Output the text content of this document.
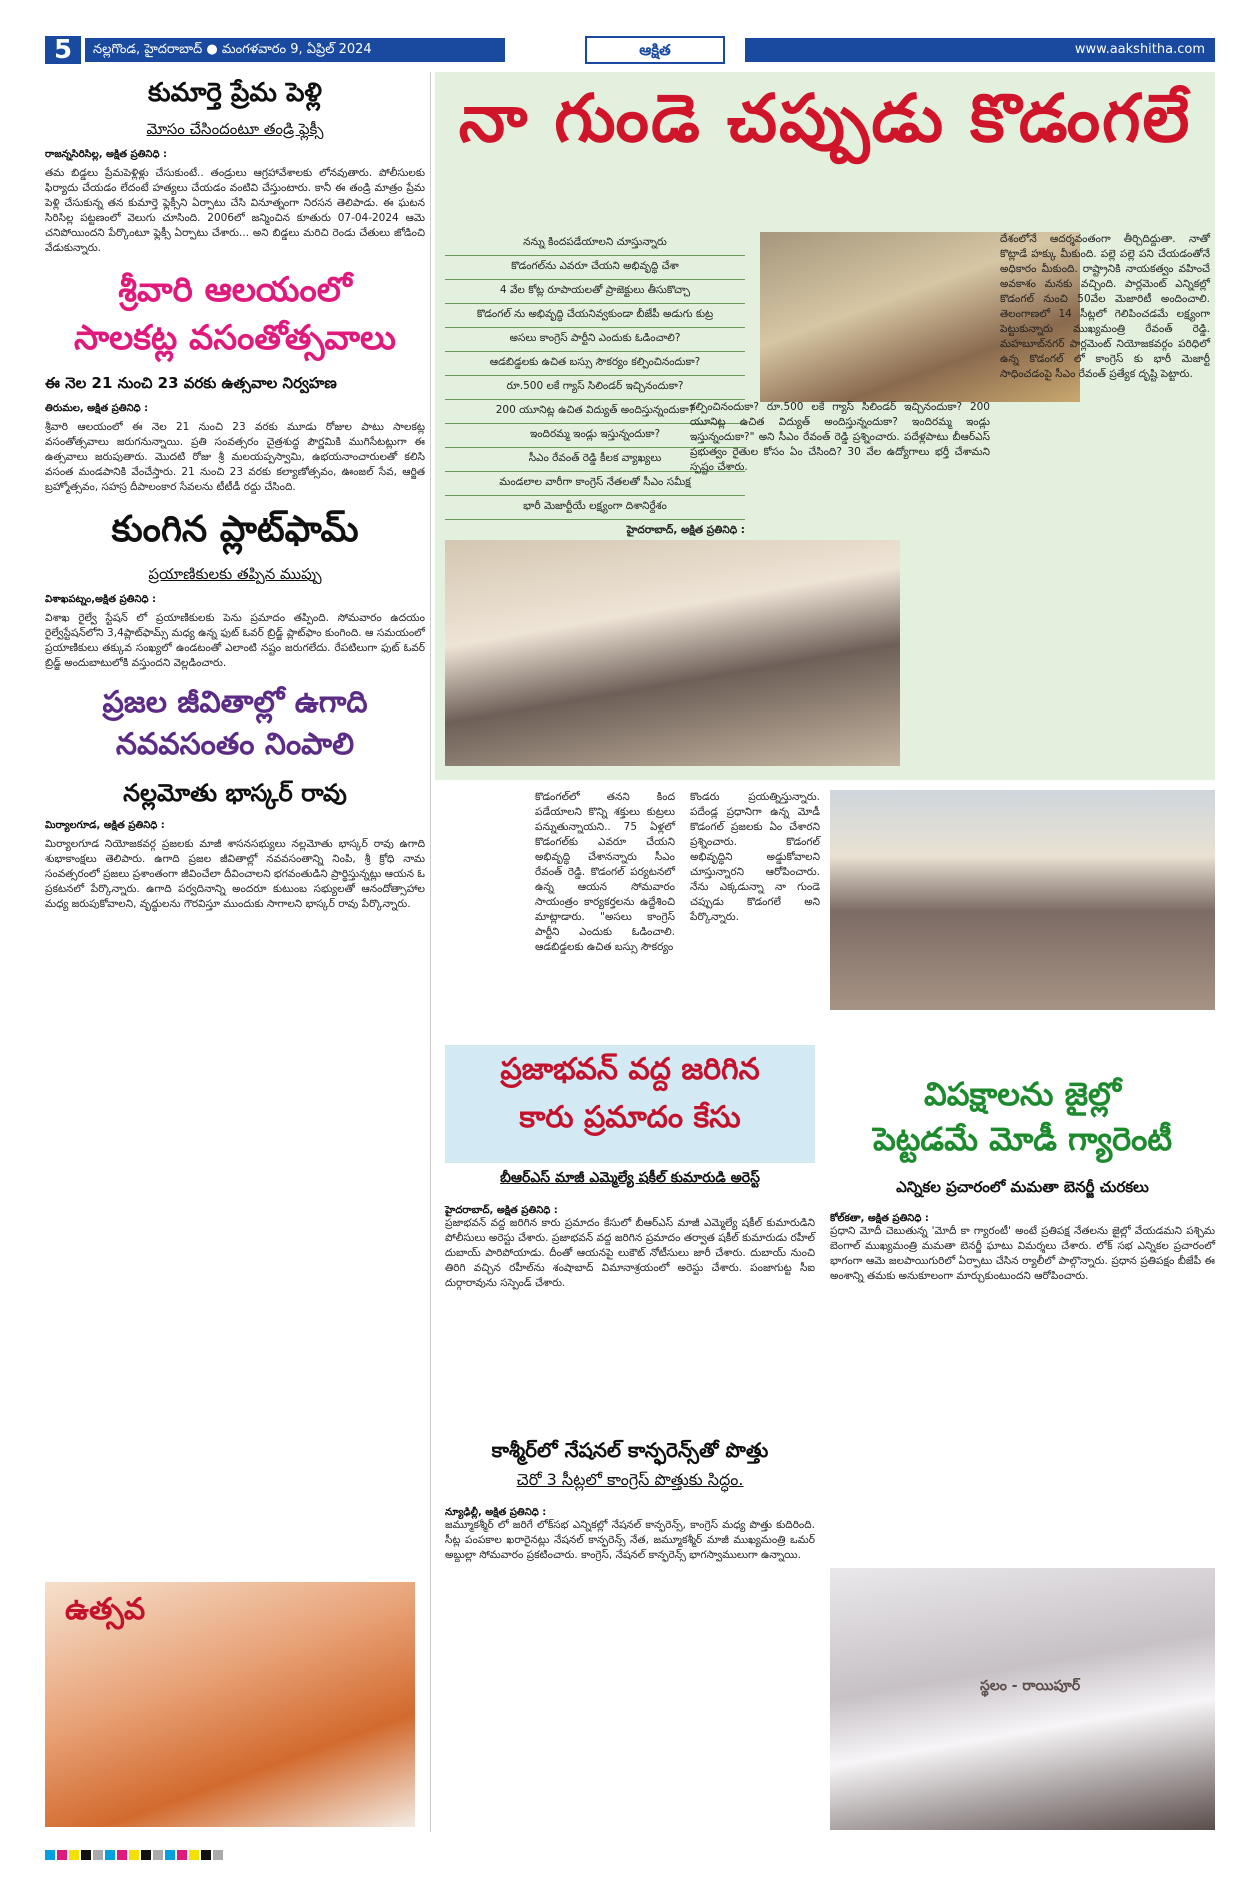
5	నల్లగొండ, హైదరాబాద్ ● మంగళవారం 9, ఏప్రిల్ 2024	ఆక్షిత	www.aakshitha.com
కుమార్తె ప్రేమ పెళ్లి
మోసం చేసిందంటూ తండ్రి ఫ్లెక్సీ
రాజన్నసిరిసిల్ల, అక్షిత ప్రతినిధి :
తమ బిడ్డలు ప్రేమపెళ్లిళ్లు చేసుకుంటే.. తండ్రులు ఆగ్రహావేశాలకు లోనవుతారు. పోలీసులకు ఫిర్యాదు చేయడం లేదంటే హత్యలు చేయడం వంటివి చేస్తుంటారు. కానీ ఈ తండ్రి మాత్రం ప్రేమ పెళ్లి చేసుకున్న తన కుమార్తె ఫ్లెక్సీని ఏర్పాటు చేసి వినూత్నంగా నిరసన తెలిపాడు. ఈ ఘటన సిరిసిల్ల పట్టణంలో వెలుగు చూసింది. 2006లో జన్మించిన కూతురు 07-04-2024 ఆమె చనిపోయిందని పేర్కొంటూ ఫ్లెక్సీ ఏర్పాటు చేశారు... అని బిడ్డలు మరిచి రెండు చేతులు జోడించి వేడుకున్నారు.
శ్రీవారి ఆలయంలో
సాలకట్ల వసంతోత్సవాలు
ఈ నెల 21 నుంచి 23 వరకు ఉత్సవాల నిర్వహణ
తిరుమల, అక్షిత ప్రతినిధి :
శ్రీవారి ఆలయంలో ఈ నెల 21 నుంచి 23 వరకు మూడు రోజుల పాటు సాలకట్ల వసంతోత్సవాలు జరుగనున్నాయి. ప్రతి సంవత్సరం చైత్రశుద్ధ పౌర్ణమికి ముగిసేటట్లుగా ఈ ఉత్సవాలు జరుపుతారు. మొదటి రోజు శ్రీ మలయప్పస్వామి, ఉభయనాంచారులతో కలిసి వసంత మండపానికి వేంచేస్తారు. 21 నుంచి 23 వరకు కల్యాణోత్సవం, ఊంజల్ సేవ, ఆర్జిత బ్రహ్మోత్సవం, సహస్ర దీపాలంకార సేవలను టీటీడీ రద్దు చేసింది.
కుంగిన ప్లాట్‌ఫామ్
ప్రయాణికులకు తప్పిన ముప్పు
విశాఖపట్నం,అక్షిత ప్రతినిధి :
విశాఖ రైల్వే స్టేషన్ లో ప్రయాణికులకు పెను ప్రమాదం తప్పింది. సోమవారం ఉదయం రైల్వేస్టేషన్‌లోని 3,4ప్లాట్‌ఫామ్స్ మధ్య ఉన్న ఫుట్ ఓవర్ బ్రిడ్జ్ ప్లాట్‌ఫాం కుంగింది. ఆ సమయంలో ప్రయాణికులు తక్కువ సంఖ్యలో ఉండటంతో ఎలాంటి నష్టం జరుగలేదు. రేపటిలుగా ఫుట్ ఓవర్ బ్రిడ్జ్ అందుబాటులోకి వస్తుందని వెల్లడించారు.
ప్రజల జీవితాల్లో ఉగాది
నవవసంతం నింపాలి
నల్లమోతు భాస్కర్ రావు
మిర్యాలగూడ, అక్షిత ప్రతినిధి :
మిర్యాలగూడ నియోజకవర్గ ప్రజలకు మాజీ శాసనసభ్యులు నల్లమోతు భాస్కర్ రావు ఉగాది శుభాకాంక్షలు తెలిపారు. ఉగాది ప్రజల జీవితాల్లో నవవసంతాన్ని నింపి, శ్రీ క్రోధి నామ సంవత్సరంలో ప్రజలు ప్రశాంతంగా జీవించేలా దీవించాలని భగవంతుడిని ప్రార్థిస్తున్నట్లు ఆయన ఓ ప్రకటనలో పేర్కొన్నారు. ఉగాది పర్వదినాన్ని అందరూ కుటుంబ సభ్యులతో ఆనందోత్సాహాల మధ్య జరుపుకోవాలని, వృద్ధులను గౌరవిస్తూ ముందుకు సాగాలని భాస్కర్ రావు పేర్కొన్నారు.
నా గుండె చప్పుడు కొడంగలే
నన్ను కిందపడేయాలని చూస్తున్నారు
కొడంగల్‌ను ఎవరూ చేయని అభివృద్ధి చేశా
4 వేల కోట్ల రూపాయలతో ప్రాజెక్టులు తీసుకొచ్చా
కొడంగల్ ను అభివృద్ధి చేయనివ్వకుండా బీజేపీ అడుగు కుట్ర
అసలు కాంగ్రెస్ పార్టీని ఎందుకు ఓడించాలి?
ఆడబిడ్డలకు ఉచిత బస్సు సౌకర్యం కల్పించినందుకా?
రూ.500 లకే గ్యాస్ సిలిండర్ ఇచ్చినందుకా?
200 యూనిట్ల ఉచిత విద్యుత్ అందిస్తున్నందుకా?
ఇందిరమ్మ ఇండ్లు ఇస్తున్నందుకా?
సీఎం రేవంత్ రెడ్డి కీలక వ్యాఖ్యలు
మండలాల వారీగా కాంగ్రెస్ నేతలతో సీఎం సమీక్ష
భారీ మెజార్టీయే లక్ష్యంగా దిశానిర్దేశం
హైదరాబాద్, అక్షిత ప్రతినిధి :
కల్పించినందుకా? రూ.500 లకే గ్యాస్ సిలిండర్ ఇచ్చినందుకా? 200 యూనిట్ల ఉచిత విద్యుత్ అందిస్తున్నందుకా? ఇందిరమ్మ ఇండ్లు ఇస్తున్నందుకా?" అని సీఎం రేవంత్ రెడ్డి ప్రశ్నించారు. పదేళ్లపాటు బీఆర్ఎస్ ప్రభుత్వం రైతుల కోసం ఏం చేసింది? 30 వేల ఉద్యోగాలు భర్తీ చేశామని స్పష్టం చేశారు.
దేశంలోనే ఆదర్శవంతంగా తీర్చిదిద్దుతా. నాతో కొట్లాడే హక్కు మీకుంది. పల్లె పల్లె పని చేయడంతోనే అధికారం మీకుంది. రాష్ట్రానికి నాయకత్వం వహించే అవకాశం మనకు వచ్చింది. పార్లమెంట్ ఎన్నికల్లో కొడంగల్ నుంచి 50వేల మెజారిటీ అందించాలి. తెలంగాణలో 14 సీట్లలో గెలిపించడమే లక్ష్యంగా పెట్టుకున్నారు ముఖ్యమంత్రి రేవంత్ రెడ్డి. మహబూబ్‌నగర్ పార్లమెంట్ నియోజకవర్గం పరిధిలో ఉన్న కొడంగల్ లో కాంగ్రెస్ కు భారీ మెజార్టీ సాధించడంపై సీఎం రేవంత్ ప్రత్యేక దృష్టి పెట్టారు.
కొడంగల్‌లో తనని కింద పడేయాలని కొన్ని శక్తులు కుట్రలు పన్నుతున్నాయని.. 75 ఏళ్లలో కొడంగల్‌కు ఎవరూ చేయని అభివృద్ధి చేశానన్నారు సీఎం రేవంత్ రెడ్డి. కొడంగల్ పర్యటనలో ఉన్న ఆయన సోమవారం సాయంత్రం కార్యకర్తలను ఉద్దేశించి మాట్లాడారు. "అసలు కాంగ్రెస్ పార్టీని ఎందుకు ఓడించాలి. ఆడబిడ్డలకు ఉచిత బస్సు సౌకర్యం
కొండరు ప్రయత్నిస్తున్నారు. పదేండ్ల ప్రధానిగా ఉన్న మోడీ కొడంగల్ ప్రజలకు ఏం చేశారని ప్రశ్నించారు. కొడంగల్ అభివృద్ధిని అడ్డుకోవాలని చూస్తున్నారని ఆరోపించారు. నేను ఎక్కడున్నా నా గుండె చప్పుడు కొడంగలే అని పేర్కొన్నారు.
ప్రజాభవన్ వద్ద జరిగిన
కారు ప్రమాదం కేసు
బీఆర్ఎస్ మాజీ ఎమ్మెల్యే షకీల్ కుమారుడి అరెస్ట్
హైదరాబాద్, అక్షిత ప్రతినిధి :
ప్రజాభవన్ వద్ద జరిగిన కారు ప్రమాదం కేసులో బీఆర్ఎస్ మాజీ ఎమ్మెల్యే షకీల్ కుమారుడిని పోలీసులు అరెస్టు చేశారు. ప్రజాభవన్ వద్ద జరిగిన ప్రమాదం తర్వాత షకీల్ కుమారుడు రహీల్ దుబాయ్ పారిపోయాడు. దీంతో ఆయనపై లుకౌట్ నోటీసులు జారీ చేశారు. దుబాయ్ నుంచి తిరిగి వచ్చిన రహీల్‌ను శంషాబాద్ విమానాశ్రయంలో అరెస్టు చేశారు. పంజాగుట్ట సీఐ దుర్గారావును సస్పెండ్ చేశారు.
కాశ్మీర్‌లో నేషనల్ కాన్ఫరెన్స్‌తో పొత్తు
చెరో 3 సీట్లలో కాంగ్రెస్ పొత్తుకు సిద్ధం.
న్యూఢిల్లీ, అక్షిత ప్రతినిధి :
జమ్మూకశ్మీర్ లో జరిగే లోక్‌సభ ఎన్నికల్లో నేషనల్ కాన్ఫరెన్స్, కాంగ్రెస్ మధ్య పొత్తు కుదిరింది. సీట్ల పంపకాల ఖరారైనట్లు నేషనల్ కాన్ఫరెన్స్ నేత, జమ్మూకశ్మీర్ మాజీ ముఖ్యమంత్రి ఒమర్ అబ్దుల్లా సోమవారం ప్రకటించారు. కాంగ్రెస్, నేషనల్ కాన్ఫరెన్స్ భాగస్వాములుగా ఉన్నాయి.
విపక్షాలను జైల్లో
పెట్టడమే మోడీ గ్యారెంటీ
ఎన్నికల ప్రచారంలో మమతా బెనర్జీ చురకలు
కోల్‌కతా, అక్షిత ప్రతినిధి :
ప్రధాని మోదీ చెబుతున్న 'మోదీ కా గ్యారంటీ' అంటే ప్రతిపక్ష నేతలను జైల్లో వేయడమని పశ్చిమ బెంగాల్ ముఖ్యమంత్రి మమతా బెనర్జీ ఘాటు విమర్శలు చేశారు. లోక్ సభ ఎన్నికల ప్రచారంలో భాగంగా ఆమె జలపాయిగురిలో ఏర్పాటు చేసిన ర్యాలీలో పాల్గొన్నారు. ప్రధాన ప్రతిపక్షం బీజేపీ ఈ అంశాన్ని తమకు అనుకూలంగా మార్చుకుంటుందని ఆరోపించారు.
ఉత్సవ
స్థలం - రాయిపూర్
